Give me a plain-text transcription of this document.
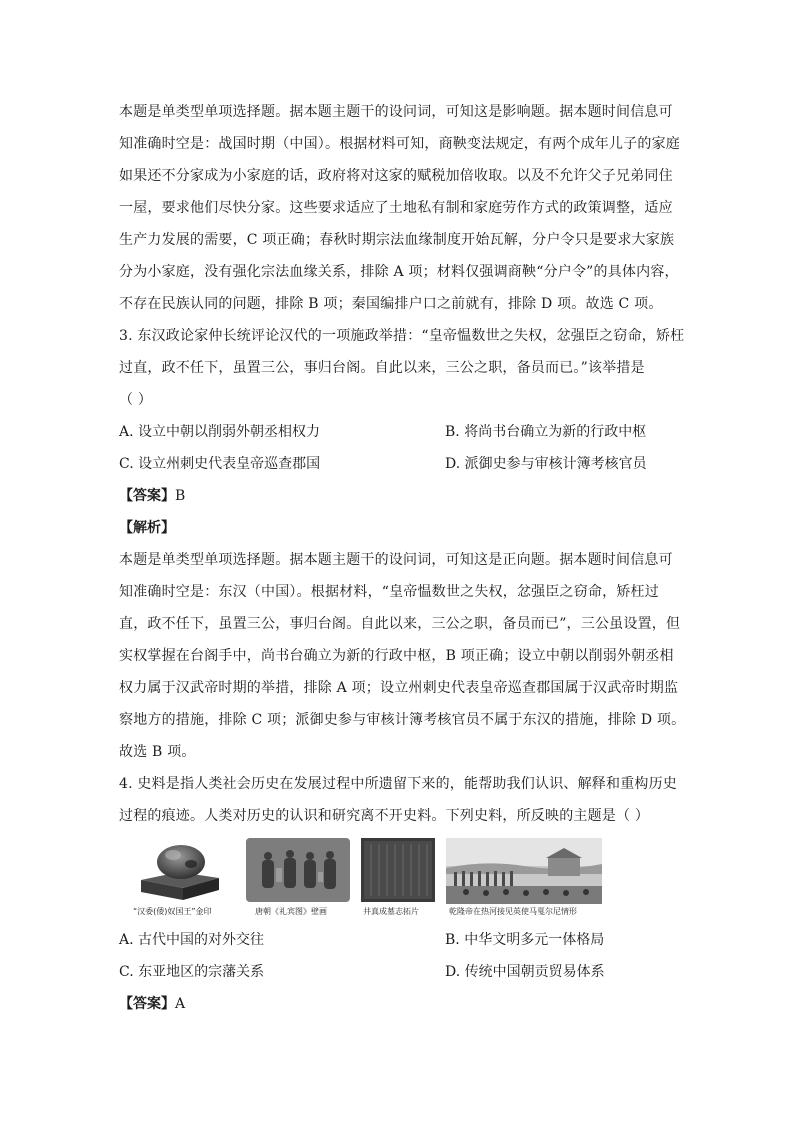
本题是单类型单项选择题。据本题主题干的设问词，可知这是影响题。据本题时间信息可
知准确时空是：战国时期（中国）。根据材料可知，商鞅变法规定，有两个成年儿子的家庭
如果还不分家成为小家庭的话，政府将对这家的赋税加倍收取。以及不允许父子兄弟同住
一屋，要求他们尽快分家。这些要求适应了土地私有制和家庭劳作方式的政策调整，适应
生产力发展的需要，C 项正确；春秋时期宗法血缘制度开始瓦解，分户令只是要求大家族
分为小家庭，没有强化宗法血缘关系，排除 A 项；材料仅强调商鞅“分户令”的具体内容，
不存在民族认同的问题，排除 B 项；秦国编排户口之前就有，排除 D 项。故选 C 项。
3. 东汉政论家仲长统评论汉代的一项施政举措：“皇帝愠数世之失权，忿强臣之窃命，矫枉
过直，政不任下，虽置三公，事归台阁。自此以来，三公之职，备员而已。”该举措是
（ ）
A. 设立中朝以削弱外朝丞相权力	B. 将尚书台确立为新的行政中枢
C. 设立州刺史代表皇帝巡查郡国	D. 派御史参与审核计簿考核官员
【答案】B
【解析】
本题是单类型单项选择题。据本题主题干的设问词，可知这是正向题。据本题时间信息可
知准确时空是：东汉（中国）。根据材料，“皇帝愠数世之失权，忿强臣之窃命，矫枉过
直，政不任下，虽置三公，事归台阁。自此以来，三公之职，备员而已”，三公虽设置，但
实权掌握在台阁手中，尚书台确立为新的行政中枢，B 项正确；设立中朝以削弱外朝丞相
权力属于汉武帝时期的举措，排除 A 项；设立州刺史代表皇帝巡查郡国属于汉武帝时期监
察地方的措施，排除 C 项；派御史参与审核计簿考核官员不属于东汉的措施，排除 D 项。
故选 B 项。
4. 史料是指人类社会历史在发展过程中所遗留下来的，能帮助我们认识、解释和重构历史
过程的痕迹。人类对历史的认识和研究离不开史料。下列史料，所反映的主题是（ ）
“汉委(倭)奴国王”金印	唐朝《礼宾图》壁画	井真成墓志拓片	乾隆帝在热河接见英使马戛尔尼情形
A. 古代中国的对外交往	B. 中华文明多元一体格局
C. 东亚地区的宗藩关系	D. 传统中国朝贡贸易体系
【答案】A
